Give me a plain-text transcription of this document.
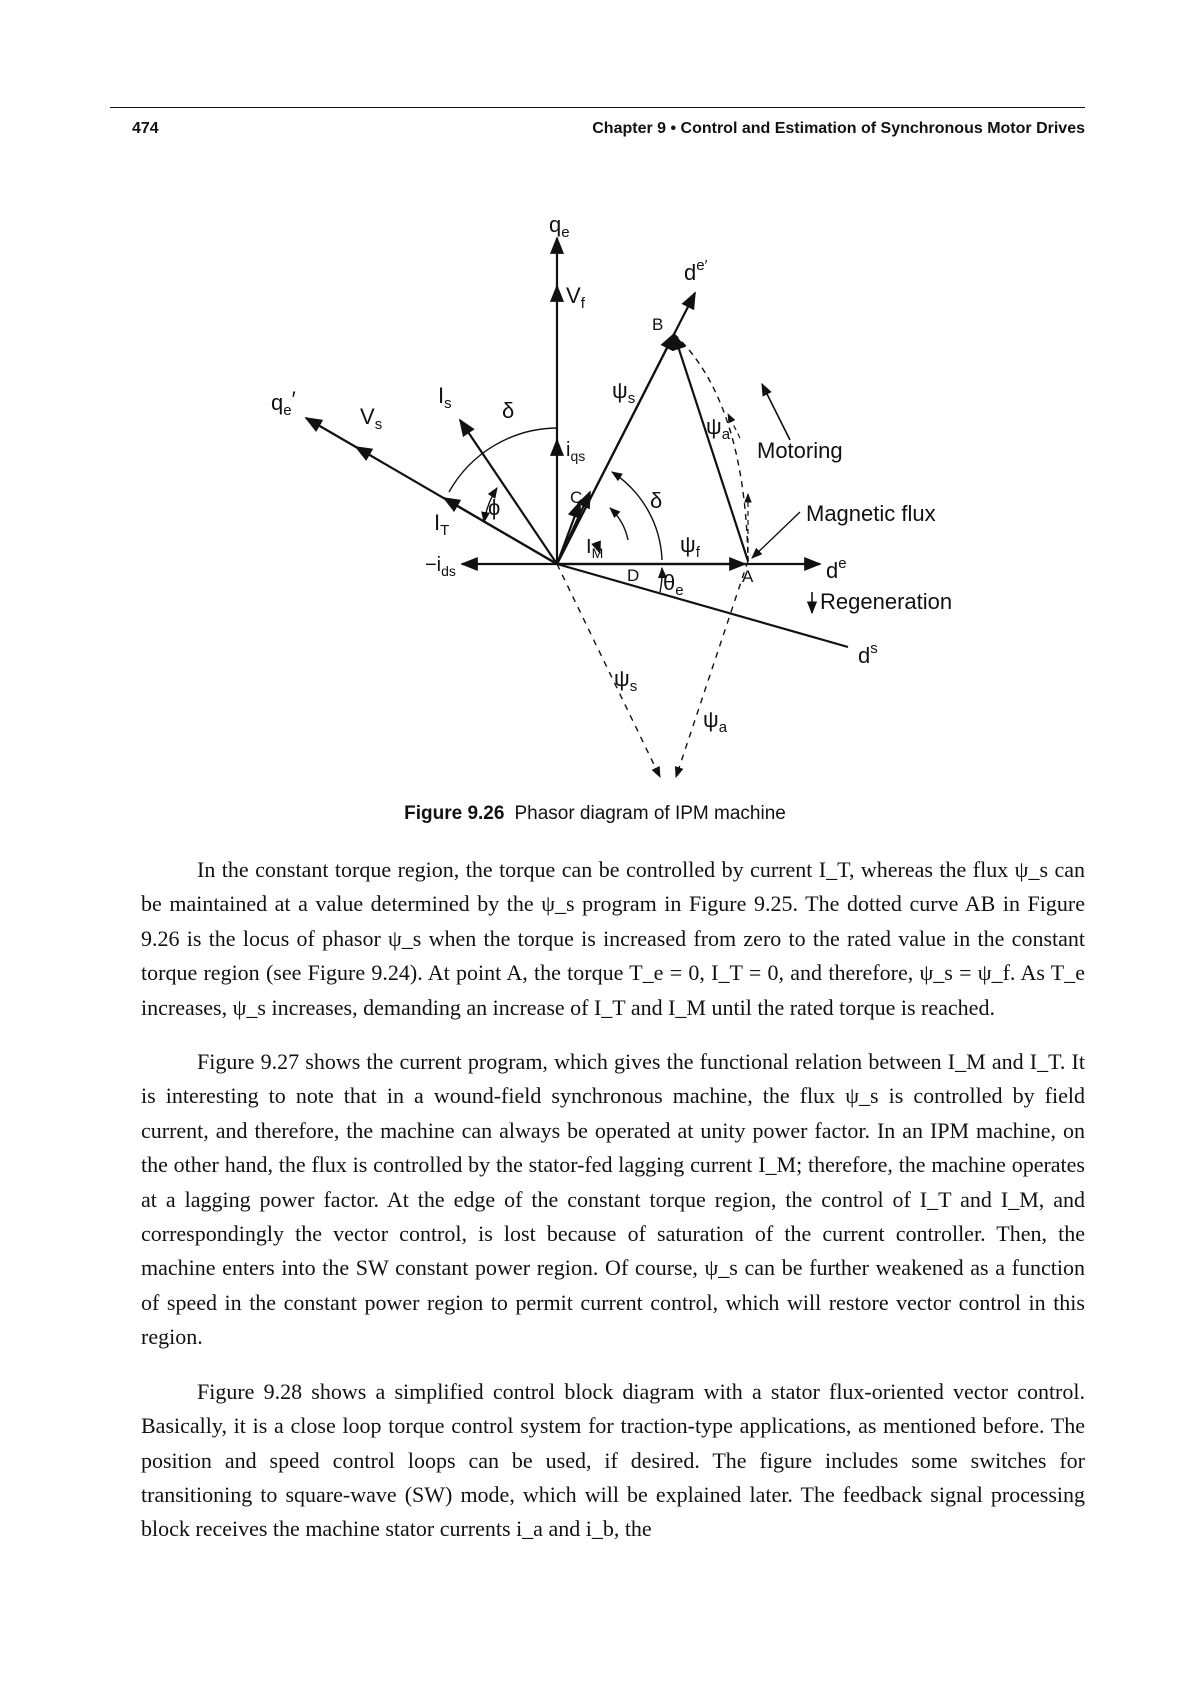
474	Chapter 9 • Control and Estimation of Synchronous Motor Drives
$q_e$
$d^{e'}$
$V_f$
B
$q_e'$
$V_s$
$I_s$ δ
$\psi_s$
$\psi_a$
Motoring
$i_{qs}$
C	δ
Magnetic flux
$I_T$
ϕ
$I_M$	$\psi_f$
$-i_{ds}$	D $\theta_e$
A	$d^e$
Regeneration
$d^s$
$\psi_s$
$\psi_a$
Figure 9.26 Phasor diagram of IPM machine

In the constant torque region, the torque can be controlled by current I_T, whereas the flux ψ_s can be maintained at a value determined by the ψ_s program in Figure 9.25. The dotted curve AB in Figure 9.26 is the locus of phasor ψ_s when the torque is increased from zero to the rated value in the constant torque region (see Figure 9.24). At point A, the torque T_e = 0, I_T = 0, and therefore, ψ_s = ψ_f. As T_e increases, ψ_s increases, demanding an increase of I_T and I_M until the rated torque is reached.

Figure 9.27 shows the current program, which gives the functional relation between I_M and I_T. It is interesting to note that in a wound-field synchronous machine, the flux ψ_s is controlled by field current, and therefore, the machine can always be operated at unity power factor. In an IPM machine, on the other hand, the flux is controlled by the stator-fed lagging current I_M; therefore, the machine operates at a lagging power factor. At the edge of the constant torque region, the control of I_T and I_M, and correspondingly the vector control, is lost because of saturation of the current controller. Then, the machine enters into the SW constant power region. Of course, ψ_s can be further weakened as a function of speed in the constant power region to permit current control, which will restore vector control in this region.

Figure 9.28 shows a simplified control block diagram with a stator flux-oriented vector control. Basically, it is a close loop torque control system for traction-type applications, as mentioned before. The position and speed control loops can be used, if desired. The figure includes some switches for transitioning to square-wave (SW) mode, which will be explained later. The feedback signal processing block receives the machine stator currents i_a and i_b, the
